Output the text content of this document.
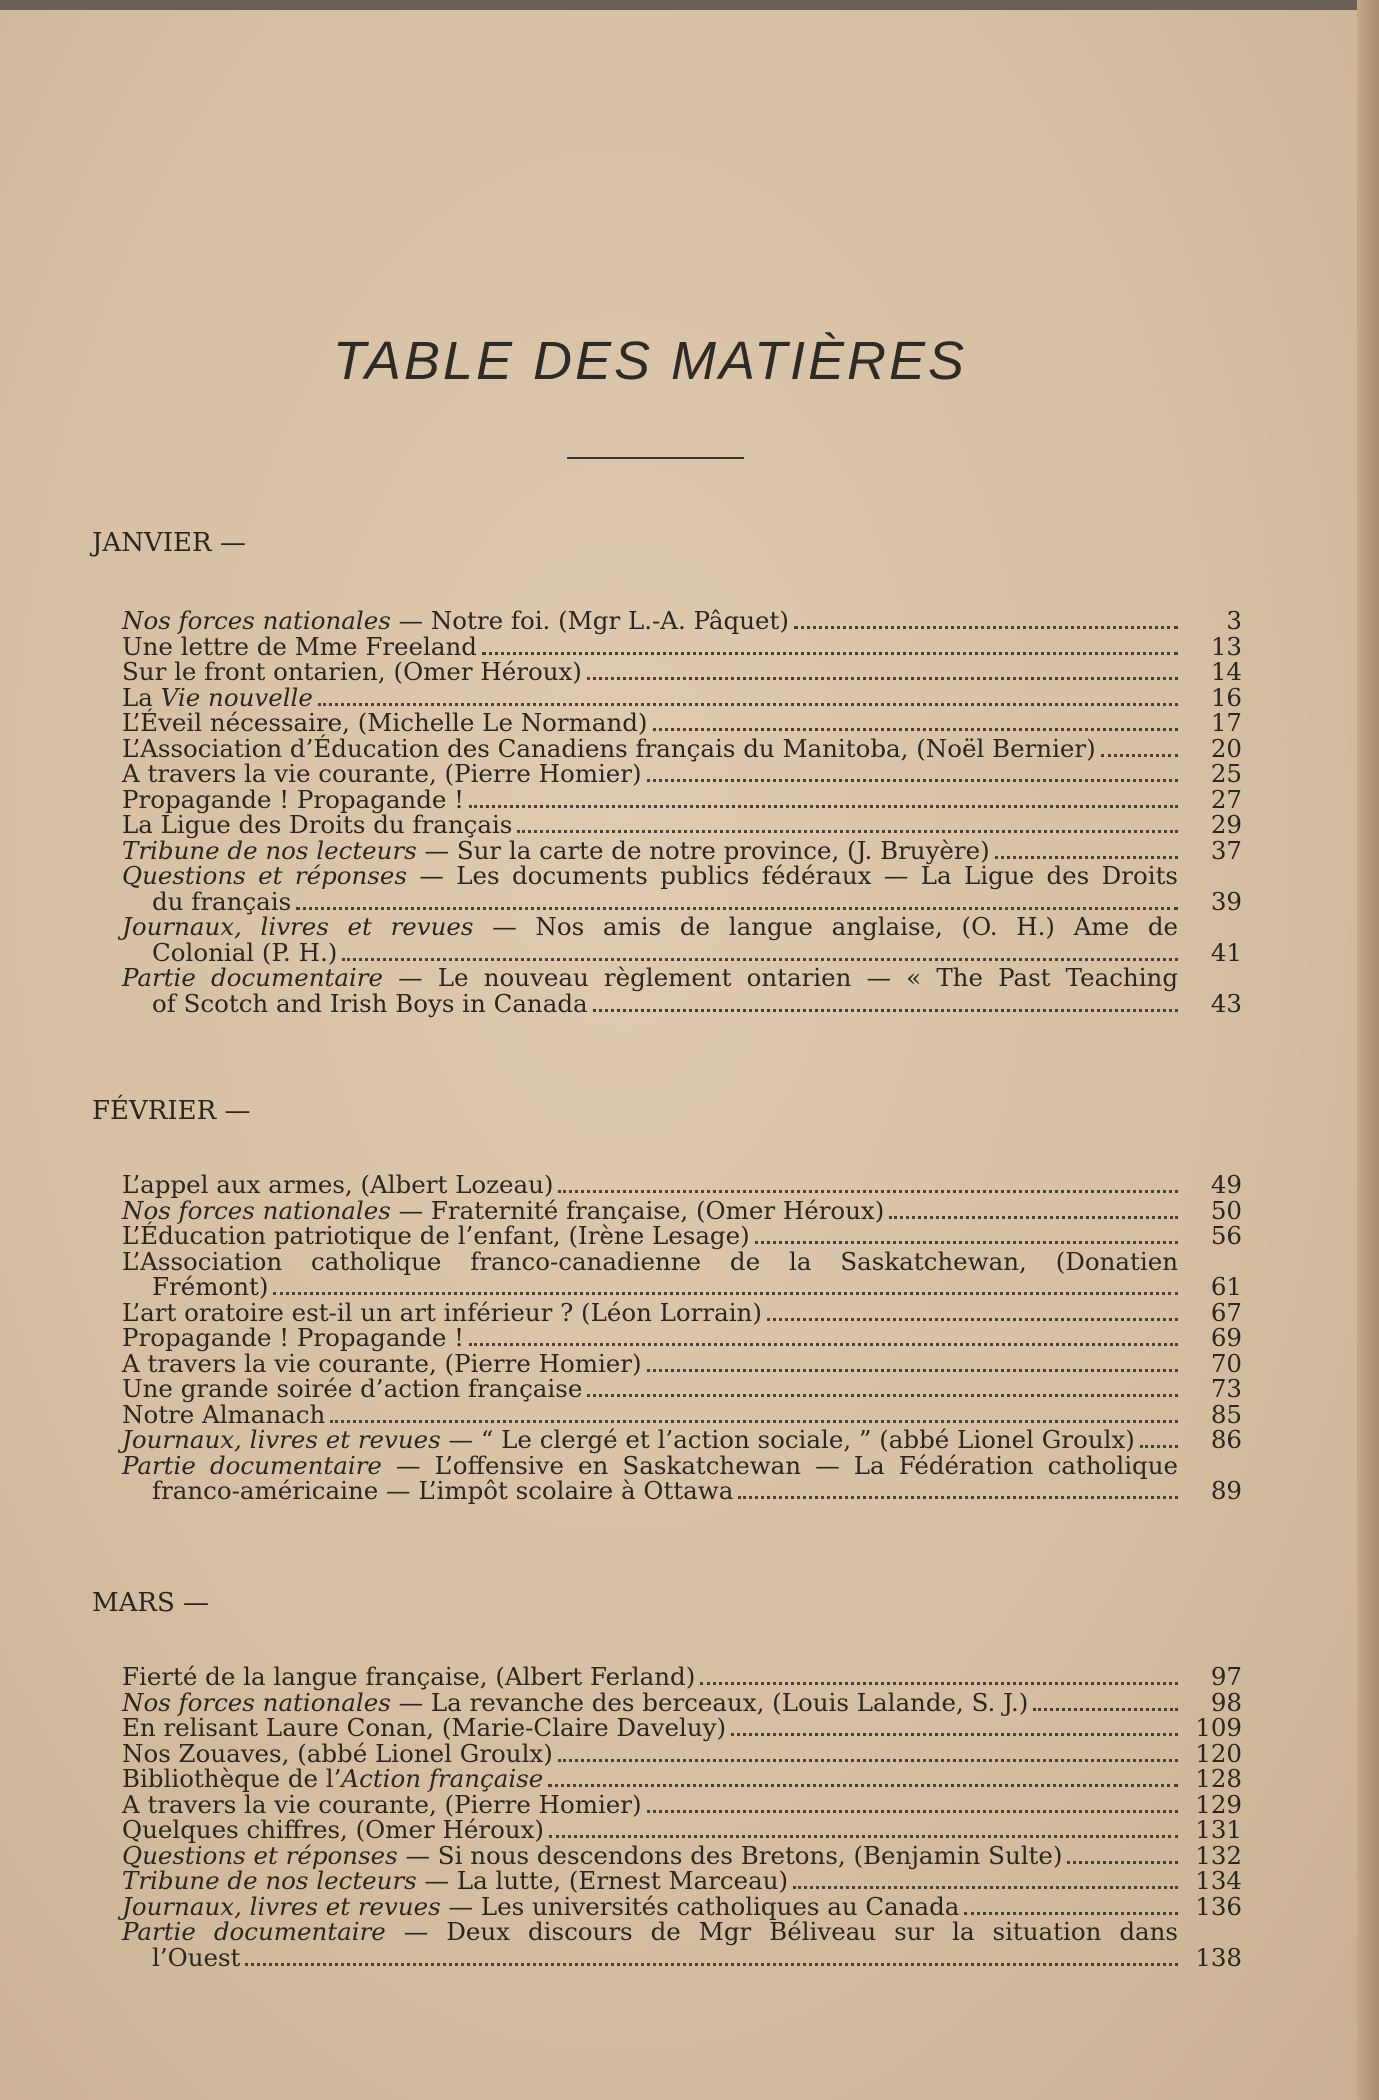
TABLE DES MATIÈRES
JANVIER —
Nos forces nationales — Notre foi. (Mgr L.-A. Pâquet)	3
Une lettre de Mme Freeland	13
Sur le front ontarien, (Omer Héroux)	14
La Vie nouvelle	16
L’Éveil nécessaire, (Michelle Le Normand)	17
L’Association d’Éducation des Canadiens français du Manitoba, (Noël Bernier)	20
A travers la vie courante, (Pierre Homier)	25
Propagande ! Propagande !	27
La Ligue des Droits du français	29
Tribune de nos lecteurs — Sur la carte de notre province, (J. Bruyère)	37
Questions et réponses — Les documents publics fédéraux — La Ligue des Droits
du français	39
Journaux, livres et revues — Nos amis de langue anglaise, (O. H.) Ame de
Colonial (P. H.)	41
Partie documentaire — Le nouveau règlement ontarien — « The Past Teaching
of Scotch and Irish Boys in Canada	43
FÉVRIER —
L’appel aux armes, (Albert Lozeau)	49
Nos forces nationales — Fraternité française, (Omer Héroux)	50
L’Éducation patriotique de l’enfant, (Irène Lesage)	56
L’Association catholique franco-canadienne de la Saskatchewan, (Donatien
Frémont)	61
L’art oratoire est-il un art inférieur ? (Léon Lorrain)	67
Propagande ! Propagande !	69
A travers la vie courante, (Pierre Homier)	70
Une grande soirée d’action française	73
Notre Almanach	85
Journaux, livres et revues — “ Le clergé et l’action sociale, ” (abbé Lionel Groulx)	86
Partie documentaire — L’offensive en Saskatchewan — La Fédération catholique
franco-américaine — L’impôt scolaire à Ottawa	89
MARS —
Fierté de la langue française, (Albert Ferland)	97
Nos forces nationales — La revanche des berceaux, (Louis Lalande, S. J.)	98
En relisant Laure Conan, (Marie-Claire Daveluy)	109
Nos Zouaves, (abbé Lionel Groulx)	120
Bibliothèque de l’Action française	128
A travers la vie courante, (Pierre Homier)	129
Quelques chiffres, (Omer Héroux)	131
Questions et réponses — Si nous descendons des Bretons, (Benjamin Sulte)	132
Tribune de nos lecteurs — La lutte, (Ernest Marceau)	134
Journaux, livres et revues — Les universités catholiques au Canada	136
Partie documentaire — Deux discours de Mgr Béliveau sur la situation dans
l’Ouest	138
